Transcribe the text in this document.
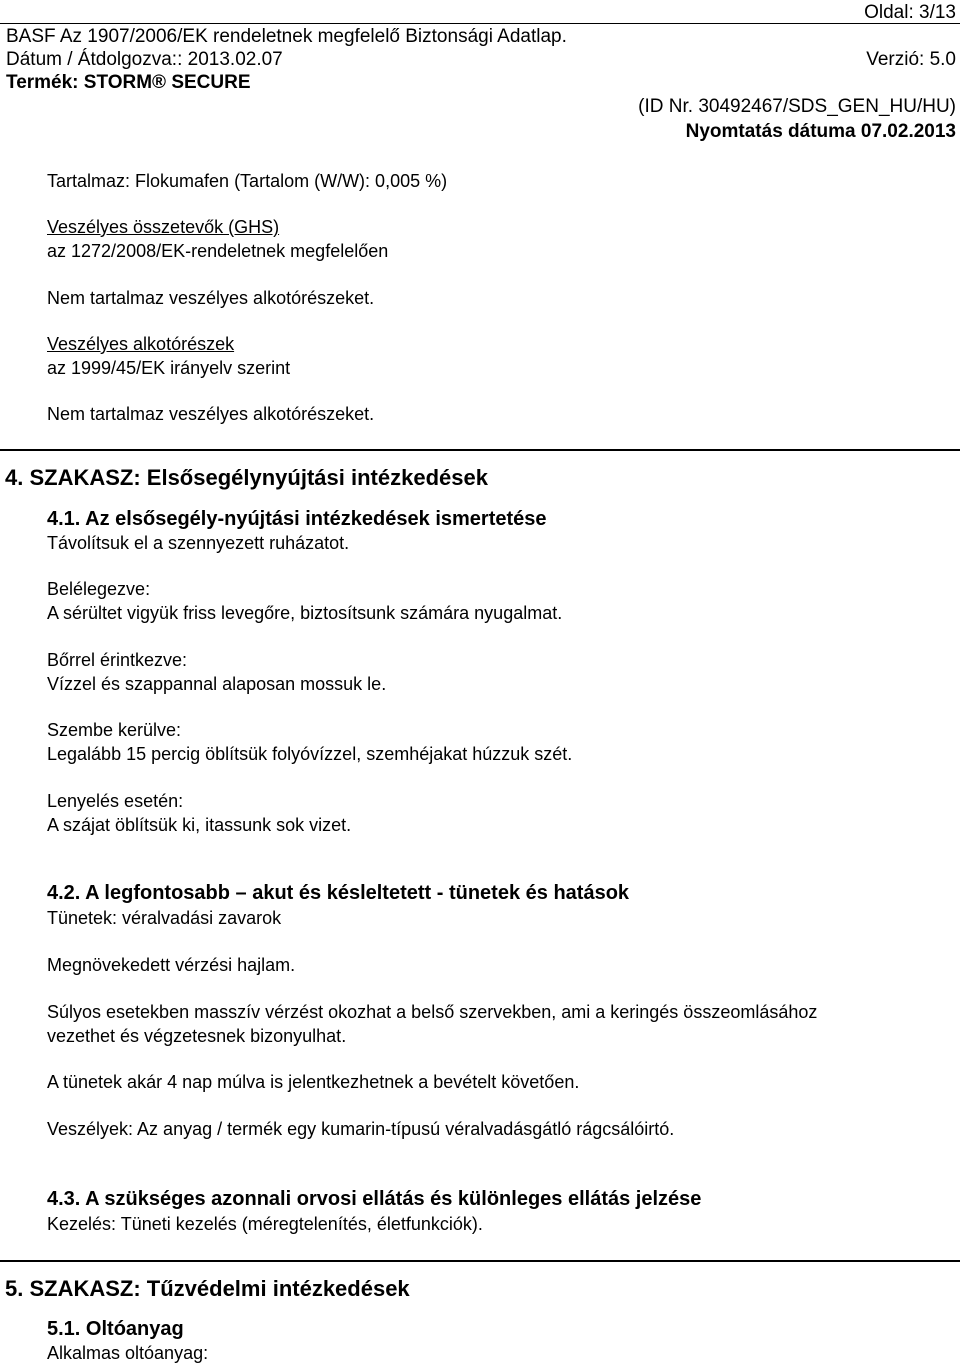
Oldal: 3/13
BASF Az 1907/2006/EK rendeletnek megfelelő Biztonsági Adatlap.
Dátum / Átdolgozva:: 2013.02.07	Verzió: 5.0
Termék: STORM® SECURE
(ID Nr. 30492467/SDS_GEN_HU/HU)
Nyomtatás dátuma 07.02.2013
Tartalmaz: Flokumafen (Tartalom (W/W): 0,005 %)
Veszélyes összetevők (GHS)
az 1272/2008/EK-rendeletnek megfelelően
Nem tartalmaz veszélyes alkotórészeket.
Veszélyes alkotórészek
az 1999/45/EK irányelv szerint
Nem tartalmaz veszélyes alkotórészeket.
4. SZAKASZ: Elsősegélynyújtási intézkedések
4.1. Az elsősegély-nyújtási intézkedések ismertetése
Távolítsuk el a szennyezett ruházatot.
Belélegezve:
A sérültet vigyük friss levegőre, biztosítsunk számára nyugalmat.
Bőrrel érintkezve:
Vízzel és szappannal alaposan mossuk le.
Szembe kerülve:
Legalább 15 percig öblítsük folyóvízzel, szemhéjakat húzzuk szét.
Lenyelés esetén:
A szájat öblítsük ki, itassunk sok vizet.
4.2. A legfontosabb – akut és késleltetett - tünetek és hatások
Tünetek: véralvadási zavarok
Megnövekedett vérzési hajlam.
Súlyos esetekben masszív vérzést okozhat a belső szervekben, ami a keringés összeomlásához
vezethet és végzetesnek bizonyulhat.
A tünetek akár 4 nap múlva is jelentkezhetnek a bevételt követően.
Veszélyek: Az anyag / termék egy kumarin-típusú véralvadásgátló rágcsálóirtó.
4.3. A szükséges azonnali orvosi ellátás és különleges ellátás jelzése
Kezelés: Tüneti kezelés (méregtelenítés, életfunkciók).
5. SZAKASZ: Tűzvédelmi intézkedések
5.1. Oltóanyag
Alkalmas oltóanyag:
